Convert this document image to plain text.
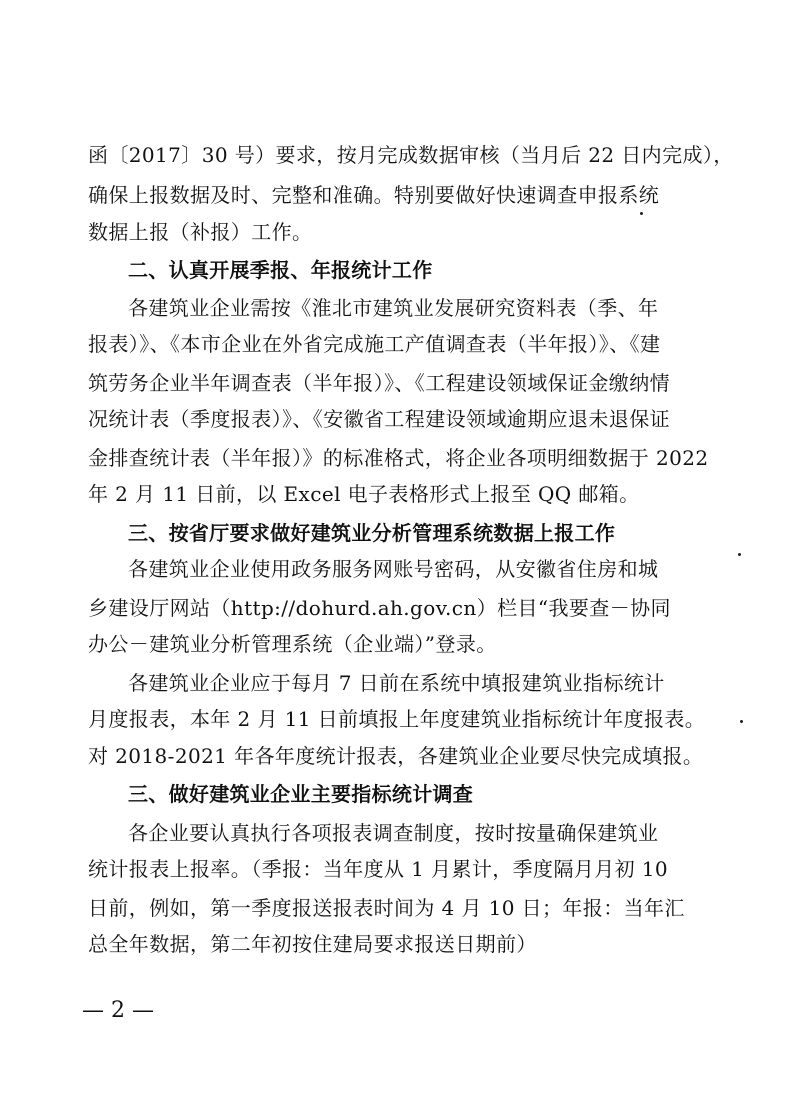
函〔2017〕30 号）要求，按月完成数据审核（当月后 22 日内完成），
确保上报数据及时、完整和准确。特别要做好快速调查申报系统
数据上报（补报）工作。
二、认真开展季报、年报统计工作
各建筑业企业需按《淮北市建筑业发展研究资料表（季、年
报表）》、《本市企业在外省完成施工产值调查表（半年报）》、《建
筑劳务企业半年调查表（半年报）》、《工程建设领域保证金缴纳情
况统计表（季度报表）》、《安徽省工程建设领域逾期应退未退保证
金排查统计表（半年报）》的标准格式，将企业各项明细数据于 2022
年 2 月 11 日前，以 Excel 电子表格形式上报至 QQ 邮箱。
三、按省厅要求做好建筑业分析管理系统数据上报工作
各建筑业企业使用政务服务网账号密码，从安徽省住房和城
乡建设厅网站（http://dohurd.ah.gov.cn）栏目“我要查－协同
办公－建筑业分析管理系统（企业端）”登录。
各建筑业企业应于每月 7 日前在系统中填报建筑业指标统计
月度报表，本年 2 月 11 日前填报上年度建筑业指标统计年度报表。
对 2018-2021 年各年度统计报表，各建筑业企业要尽快完成填报。
三、做好建筑业企业主要指标统计调查
各企业要认真执行各项报表调查制度，按时按量确保建筑业
统计报表上报率。（季报：当年度从 1 月累计，季度隔月月初 10
日前，例如，第一季度报送报表时间为 4 月 10 日；年报：当年汇
总全年数据，第二年初按住建局要求报送日期前）
— 2 —
